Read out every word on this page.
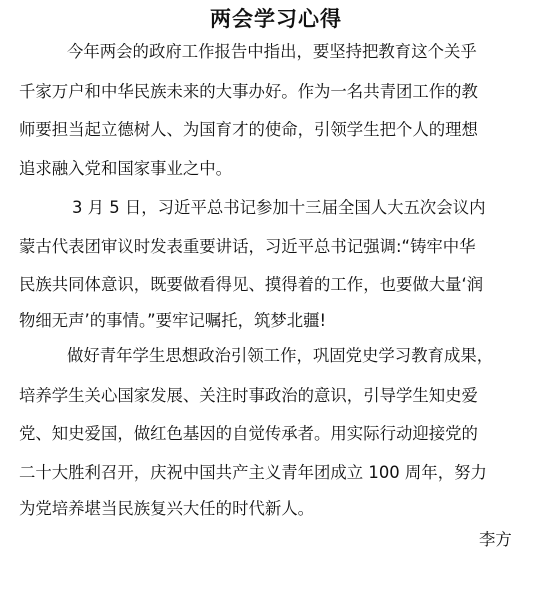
两会学习心得
今年两会的政府工作报告中指出，要坚持把教育这个关乎
千家万户和中华民族未来的大事办好。作为一名共青团工作的教
师要担当起立德树人、为国育才的使命，引领学生把个人的理想
追求融入党和国家事业之中。
3 月 5 日，习近平总书记参加十三届全国人大五次会议内
蒙古代表团审议时发表重要讲话，习近平总书记强调:“铸牢中华
民族共同体意识，既要做看得见、摸得着的工作，也要做大量‘润
物细无声’的事情。”要牢记嘱托，筑梦北疆!
做好青年学生思想政治引领工作，巩固党史学习教育成果，
培养学生关心国家发展、关注时事政治的意识，引导学生知史爱
党、知史爱国，做红色基因的自觉传承者。用实际行动迎接党的
二十大胜利召开，庆祝中国共产主义青年团成立 100 周年，努力
为党培养堪当民族复兴大任的时代新人。
李方
